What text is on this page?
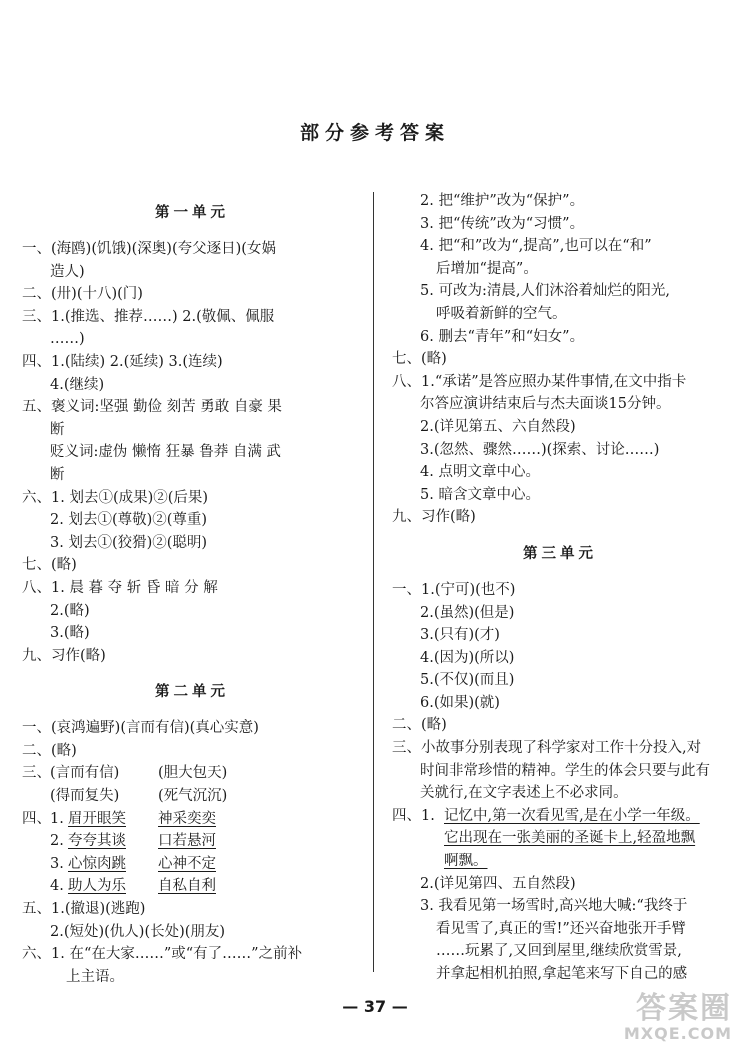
部分参考答案
第一单元
一、(海鸥)(饥饿)(深奥)(夸父逐日)(女娲
造人)
二、(卅)(十八)(门)
三、1.(推选、推荐……) 2.(敬佩、佩服
……)
四、1.(陆续) 2.(延续) 3.(连续)
4.(继续)
五、褒义词:坚强 勤俭 刻苦 勇敢 自豪 果
断
贬义词:虚伪 懒惰 狂暴 鲁莽 自满 武
断
六、1. 划去①(成果)②(后果)
2. 划去①(尊敬)②(尊重)
3. 划去①(狡猾)②(聪明)
七、(略)
八、1. 晨 暮 夺 斩 昏 暗 分 解
2.(略)
3.(略)
九、习作(略)
第二单元
一、(哀鸿遍野)(言而有信)(真心实意)
二、(略)
三、(言而有信)	(胆大包天)
(得而复失)	(死气沉沉)
四、1. 眉开眼笑 神采奕奕
2. 夸夸其谈 口若悬河
3. 心惊肉跳 心神不定
4. 助人为乐 自私自利
五、1.(撤退)(逃跑)
2.(短处)(仇人)(长处)(朋友)
六、1. 在“在大家……”或“有了……”之前补
上主语。
2. 把“维护”改为“保护”。
3. 把“传统”改为“习惯”。
4. 把“和”改为“,提高”,也可以在“和”
后增加“提高”。
5. 可改为:清晨,人们沐浴着灿烂的阳光,
呼吸着新鲜的空气。
6. 删去“青年”和“妇女”。
七、(略)
八、1.“承诺”是答应照办某件事情,在文中指卡
尔答应演讲结束后与杰夫面谈15分钟。
2.(详见第五、六自然段)
3.(忽然、骤然……)(探索、讨论……)
4. 点明文章中心。
5. 暗含文章中心。
九、习作(略)
第三单元
一、1.(宁可)(也不)
2.(虽然)(但是)
3.(只有)(才)
4.(因为)(所以)
5.(不仅)(而且)
6.(如果)(就)
二、(略)
三、小故事分别表现了科学家对工作十分投入,对
时间非常珍惜的精神。学生的体会只要与此有
关就行,在文字表述上不必求同。
四、1. 记忆中,第一次看见雪,是在小学一年级。
它出现在一张美丽的圣诞卡上,轻盈地飘
啊飘。
2.(详见第四、五自然段)
3. 我看见第一场雪时,高兴地大喊:“我终于
看见雪了,真正的雪!”还兴奋地张开手臂
……玩累了,又回到屋里,继续欣赏雪景,
并拿起相机拍照,拿起笔来写下自己的感
— 37 —	答案圈
MXQE.COM
